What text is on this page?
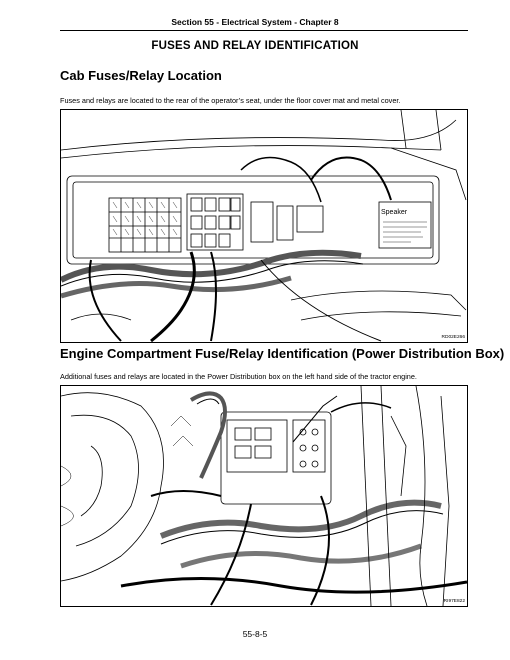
Section 55 - Electrical System - Chapter 8
FUSES AND RELAY IDENTIFICATION
Cab Fuses/Relay Location
Fuses and relays are located to the rear of the operator’s seat, under the floor cover mat and metal cover.
Speaker
RD02E266
Engine Compartment Fuse/Relay Identification (Power Distribution Box)
Additional fuses and relays are located in the Power Distribution box on the left hand side of the tractor engine.
RI97E822
55-8-5
